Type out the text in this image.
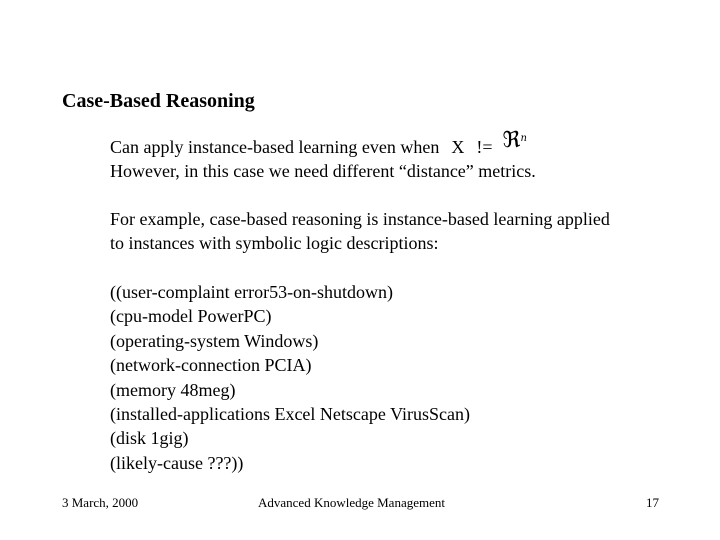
Case-Based Reasoning
Can apply instance-based learning even when X != ℜ$^n$
However, in this case we need different “distance” metrics.
For example, case-based reasoning is instance-based learning applied
to instances with symbolic logic descriptions:
((user-complaint error53-on-shutdown)
(cpu-model PowerPC)
(operating-system Windows)
(network-connection PCIA)
(memory 48meg)
(installed-applications Excel Netscape VirusScan)
(disk 1gig)
(likely-cause ???))
3 March, 2000	Advanced Knowledge Management	17
